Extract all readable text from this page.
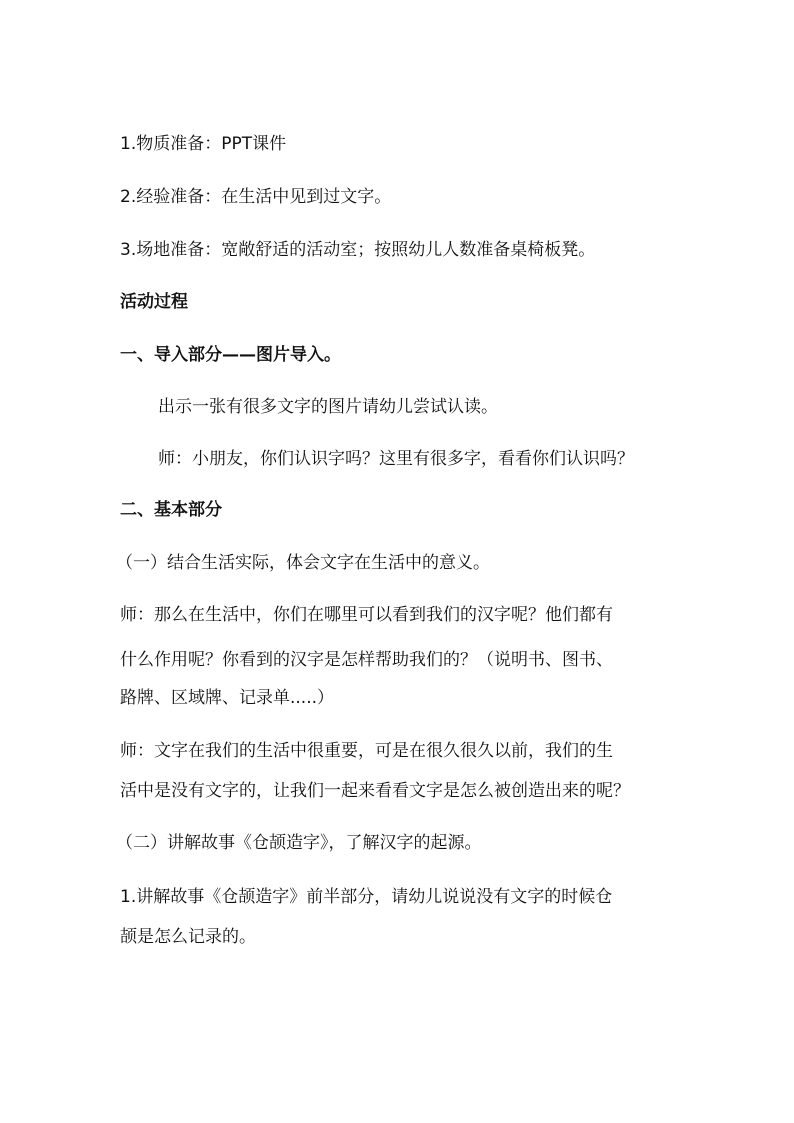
1.物质准备：PPT课件
2.经验准备：在生活中见到过文字。
3.场地准备：宽敞舒适的活动室；按照幼儿人数准备桌椅板凳。
活动过程
一、导入部分——图片导入。
出示一张有很多文字的图片请幼儿尝试认读。
师：小朋友，你们认识字吗？这里有很多字，看看你们认识吗？
二、基本部分
（一）结合生活实际，体会文字在生活中的意义。
师：那么在生活中，你们在哪里可以看到我们的汉字呢？他们都有
什么作用呢？你看到的汉字是怎样帮助我们的？（说明书、图书、
路牌、区域牌、记录单.....）
师：文字在我们的生活中很重要，可是在很久很久以前，我们的生
活中是没有文字的，让我们一起来看看文字是怎么被创造出来的呢？
（二）讲解故事《仓颉造字》，了解汉字的起源。
1.讲解故事《仓颉造字》前半部分，请幼儿说说没有文字的时候仓
颉是怎么记录的。
